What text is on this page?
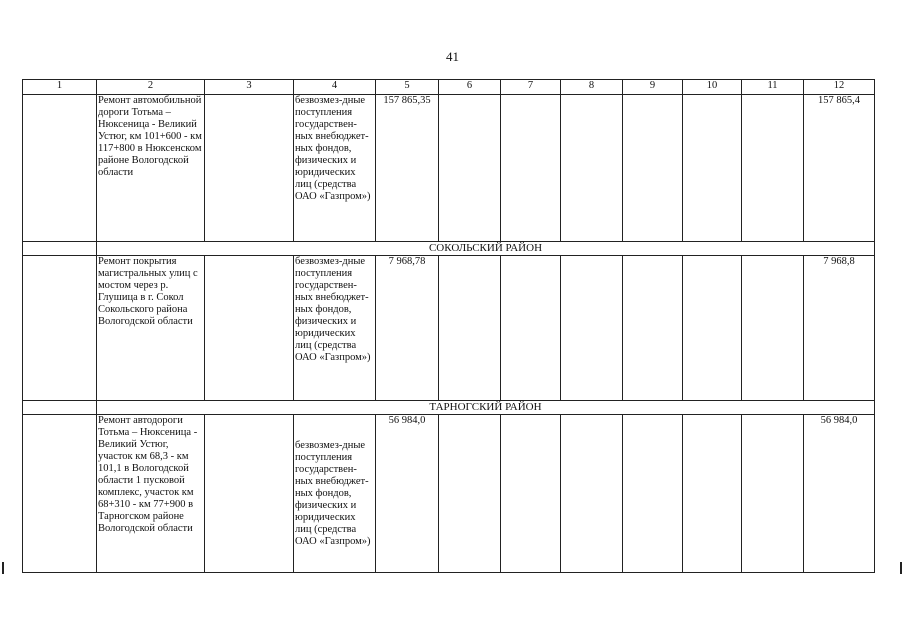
41
1	2	3	4	5	6	7	8	9	10	11	12
	Ремонт автомобильной дороги Тотьма – Нюксеница - Великий Устюг, км 101+600 - км 117+800 в Нюксенском районе Вологодской области		безвозмез-дные поступления государствен-ных внебюджет-ных фондов, физических и юридических лиц (средства ОАО «Газпром»)	157 865,35							157 865,4
	СОКОЛЬСКИЙ РАЙОН										
	Ремонт покрытия магистральных улиц с мостом через р. Глушица в г. Сокол Сокольского района Вологодской области		безвозмез-дные поступления государствен-ных внебюджет-ных фондов, физических и юридических лиц (средства ОАО «Газпром»)	7 968,78							7 968,8
	ТАРНОГСКИЙ РАЙОН										
	Ремонт автодороги Тотьма – Нюксеница - Великий Устюг, участок км 68,3 - км 101,1 в Вологодской области 1 пусковой комплекс, участок км 68+310 - км 77+900 в Тарногском районе Вологодской области		безвозмез-дные поступления государствен-ных внебюджет-ных фондов, физических и юридических лиц (средства ОАО «Газпром»)	56 984,0							56 984,0
